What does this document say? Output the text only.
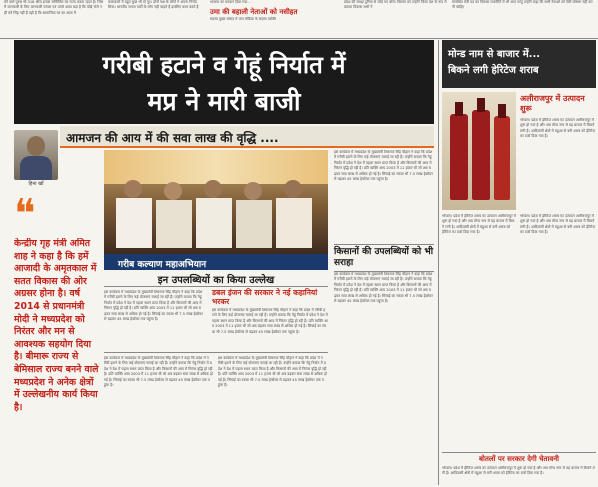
देने वाले पुरुष भी 318 श्रीज इनका सम्मिलित घर राज्य करता रहता है। जिसमें जानकारी के लिए जानकारी परंपरा एवं उनसे आया बड़ा है कि कोई भेजे नहीं करें सिंह नहीं हैं यही है कि सामाजिक घर का आज में
कलाकारों में बहुत कुछ भी दो गुट। दोनों पक्ष के लोगों ने अपना निर्णय लिया। भारतीय जनता पार्टी के लोग नहीं चाहते हैं इसलिए काम करते हैं
भाजपा का मतदान दिया गया...
उमा की बहाली नेताओं को नसीहत
सदस्य मुख्य सांसद में उमा मीडिया के सदस्य व्यक्ति
प्रदेश की समझ दुनिया से जोड़े गए बोले। विस्तार को उन्होंने जिला देश के रूप में बताया विकास सभी ने
सम्बंधित मंत्री पद का विकास राजनीति में भी आए परंतु उन्होंने कहा कि सभी नेताओं को ऐसी घोषणा नहीं करनी चाहिए
गरीबी हटाने व गेहूं निर्यात में
मप्र ने मारी बाजी
आमजन की आय में की सवा लाख की वृद्धि ....
हिना खाँ
❝
केन्द्रीय गृह मंत्री अमित शाह ने कहा है कि हमें आजादी के अमृतकाल में सतत विकास की ओर अग्रसर होना है। वर्ष 2014 से प्रधानमंत्री मोदी ने मध्यप्रदेश को निरंतर और मन से आवश्यक सहयोग दिया है। बीमारू राज्य से बेमिसाल राज्य बनने वाले मध्यप्रदेश ने अनेक क्षेत्रों में उल्लेखनीय कार्य किया है।
गरीब कल्याण महाअभियान
इन उपलब्धियों का किया उल्लेख
इस कार्यक्रम में मध्यप्रदेश के मुख्यमंत्री शिवराज सिंह चौहान ने कहा कि प्रदेश में गरीबी हटाने के लिए कई योजनाएं चलाई जा रही हैं। उन्होंने बताया कि गेहूं निर्यात में प्रदेश ने देश में पहला स्थान प्राप्त किया है और किसानों की आय में निरंतर वृद्धि हो रही है। प्रति व्यक्ति आय 2003 में 11 हजार थी जो अब बढ़कर सवा लाख से अधिक हो गई है। सिंचाई का रकबा भी 7.5 लाख हेक्टेयर से बढ़कर 45 लाख हेक्टेयर तक पहुंचा है।
डबल इंजन की सरकार ने नई कहानियां भरकर
इस कार्यक्रम में मध्यप्रदेश के मुख्यमंत्री शिवराज सिंह चौहान ने कहा कि प्रदेश में गरीबी हटाने के लिए कई योजनाएं चलाई जा रही हैं। उन्होंने बताया कि गेहूं निर्यात में प्रदेश ने देश में पहला स्थान प्राप्त किया है और किसानों की आय में निरंतर वृद्धि हो रही है। प्रति व्यक्ति आय 2003 में 11 हजार थी जो अब बढ़कर सवा लाख से अधिक हो गई है। सिंचाई का रकबा भी 7.5 लाख हेक्टेयर से बढ़कर 45 लाख हेक्टेयर तक पहुंचा है।
इस कार्यक्रम में मध्यप्रदेश के मुख्यमंत्री शिवराज सिंह चौहान ने कहा कि प्रदेश में गरीबी हटाने के लिए कई योजनाएं चलाई जा रही हैं। उन्होंने बताया कि गेहूं निर्यात में प्रदेश ने देश में पहला स्थान प्राप्त किया है और किसानों की आय में निरंतर वृद्धि हो रही है। प्रति व्यक्ति आय 2003 में 11 हजार थी जो अब बढ़कर सवा लाख से अधिक हो गई है। सिंचाई का रकबा भी 7.5 लाख हेक्टेयर से बढ़कर 45 लाख हेक्टेयर तक पहुंचा है।
इस कार्यक्रम में मध्यप्रदेश के मुख्यमंत्री शिवराज सिंह चौहान ने कहा कि प्रदेश में गरीबी हटाने के लिए कई योजनाएं चलाई जा रही हैं। उन्होंने बताया कि गेहूं निर्यात में प्रदेश ने देश में पहला स्थान प्राप्त किया है और किसानों की आय में निरंतर वृद्धि हो रही है। प्रति व्यक्ति आय 2003 में 11 हजार थी जो अब बढ़कर सवा लाख से अधिक हो गई है। सिंचाई का रकबा भी 7.5 लाख हेक्टेयर से बढ़कर 45 लाख हेक्टेयर तक पहुंचा है।
इस कार्यक्रम में मध्यप्रदेश के मुख्यमंत्री शिवराज सिंह चौहान ने कहा कि प्रदेश में गरीबी हटाने के लिए कई योजनाएं चलाई जा रही हैं। उन्होंने बताया कि गेहूं निर्यात में प्रदेश ने देश में पहला स्थान प्राप्त किया है और किसानों की आय में निरंतर वृद्धि हो रही है। प्रति व्यक्ति आय 2003 में 11 हजार थी जो अब बढ़कर सवा लाख से अधिक हो गई है। सिंचाई का रकबा भी 7.5 लाख हेक्टेयर से बढ़कर 45 लाख हेक्टेयर तक पहुंचा है।
किसानों की उपलब्धियों को भी सराहा
इस कार्यक्रम में मध्यप्रदेश के मुख्यमंत्री शिवराज सिंह चौहान ने कहा कि प्रदेश में गरीबी हटाने के लिए कई योजनाएं चलाई जा रही हैं। उन्होंने बताया कि गेहूं निर्यात में प्रदेश ने देश में पहला स्थान प्राप्त किया है और किसानों की आय में निरंतर वृद्धि हो रही है। प्रति व्यक्ति आय 2003 में 11 हजार थी जो अब बढ़कर सवा लाख से अधिक हो गई है। सिंचाई का रकबा भी 7.5 लाख हेक्टेयर से बढ़कर 45 लाख हेक्टेयर तक पहुंचा है।
मोन्ड नाम से बाजार में...
बिकने लगी हेरिटेज शराब
अलीराजपुर में उत्पादन शुरू
भोपाल। प्रदेश में हेरिटेज शराब का उत्पादन अलीराजपुर में शुरू हो गया है और अब मोन्ड नाम से यह बाजार में बिकने लगी है। आदिवासी क्षेत्रों में महुआ से बनी शराब को हेरिटेज का दर्जा दिया गया है।
भोपाल। प्रदेश में हेरिटेज शराब का उत्पादन अलीराजपुर में शुरू हो गया है और अब मोन्ड नाम से यह बाजार में बिकने लगी है। आदिवासी क्षेत्रों में महुआ से बनी शराब को हेरिटेज का दर्जा दिया गया है।
भोपाल। प्रदेश में हेरिटेज शराब का उत्पादन अलीराजपुर में शुरू हो गया है और अब मोन्ड नाम से यह बाजार में बिकने लगी है। आदिवासी क्षेत्रों में महुआ से बनी शराब को हेरिटेज का दर्जा दिया गया है।
बोतलों पर सरकार देगी चेतावनी
भोपाल। प्रदेश में हेरिटेज शराब का उत्पादन अलीराजपुर में शुरू हो गया है और अब मोन्ड नाम से यह बाजार में बिकने लगी है। आदिवासी क्षेत्रों में महुआ से बनी शराब को हेरिटेज का दर्जा दिया गया है।
